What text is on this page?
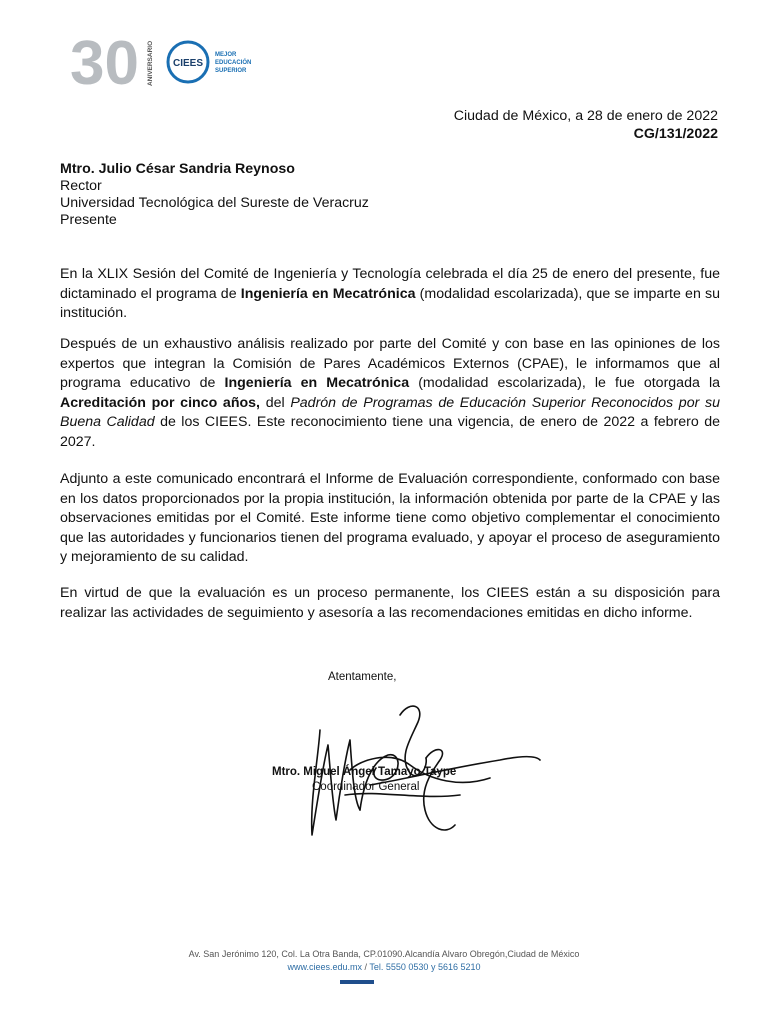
30 ANIVERSARIO CIEES
MEJOR
EDUCACIÓN
SUPERIOR
Ciudad de México, a 28 de enero de 2022
CG/131/2022
Mtro. Julio César Sandria Reynoso
Rector
Universidad Tecnológica del Sureste de Veracruz
Presente

En la XLIX Sesión del Comité de Ingeniería y Tecnología celebrada el día 25 de enero del presente, fue dictaminado el programa de Ingeniería en Mecatrónica (modalidad escolarizada), que se imparte en su institución.

Después de un exhaustivo análisis realizado por parte del Comité y con base en las opiniones de los expertos que integran la Comisión de Pares Académicos Externos (CPAE), le informamos que al programa educativo de Ingeniería en Mecatrónica (modalidad escolarizada), le fue otorgada la Acreditación por cinco años, del Padrón de Programas de Educación Superior Reconocidos por su Buena Calidad de los CIEES. Este reconocimiento tiene una vigencia, de enero de 2022 a febrero de 2027.

Adjunto a este comunicado encontrará el Informe de Evaluación correspondiente, conformado con base en los datos proporcionados por la propia institución, la información obtenida por parte de la CPAE y las observaciones emitidas por el Comité. Este informe tiene como objetivo complementar el conocimiento que las autoridades y funcionarios tienen del programa evaluado, y apoyar el proceso de aseguramiento y mejoramiento de su calidad.

En virtud de que la evaluación es un proceso permanente, los CIEES están a su disposición para realizar las actividades de seguimiento y asesoría a las recomendaciones emitidas en dicho informe.

Atentamente,
Mtro. Miguel Ángel Tamayo Taype
Coordinador General
Av. San Jerónimo 120, Col. La Otra Banda, CP.01090.Alcandía Alvaro Obregón,Ciudad de México
www.ciees.edu.mx / Tel. 5550 0530 y 5616 5210
